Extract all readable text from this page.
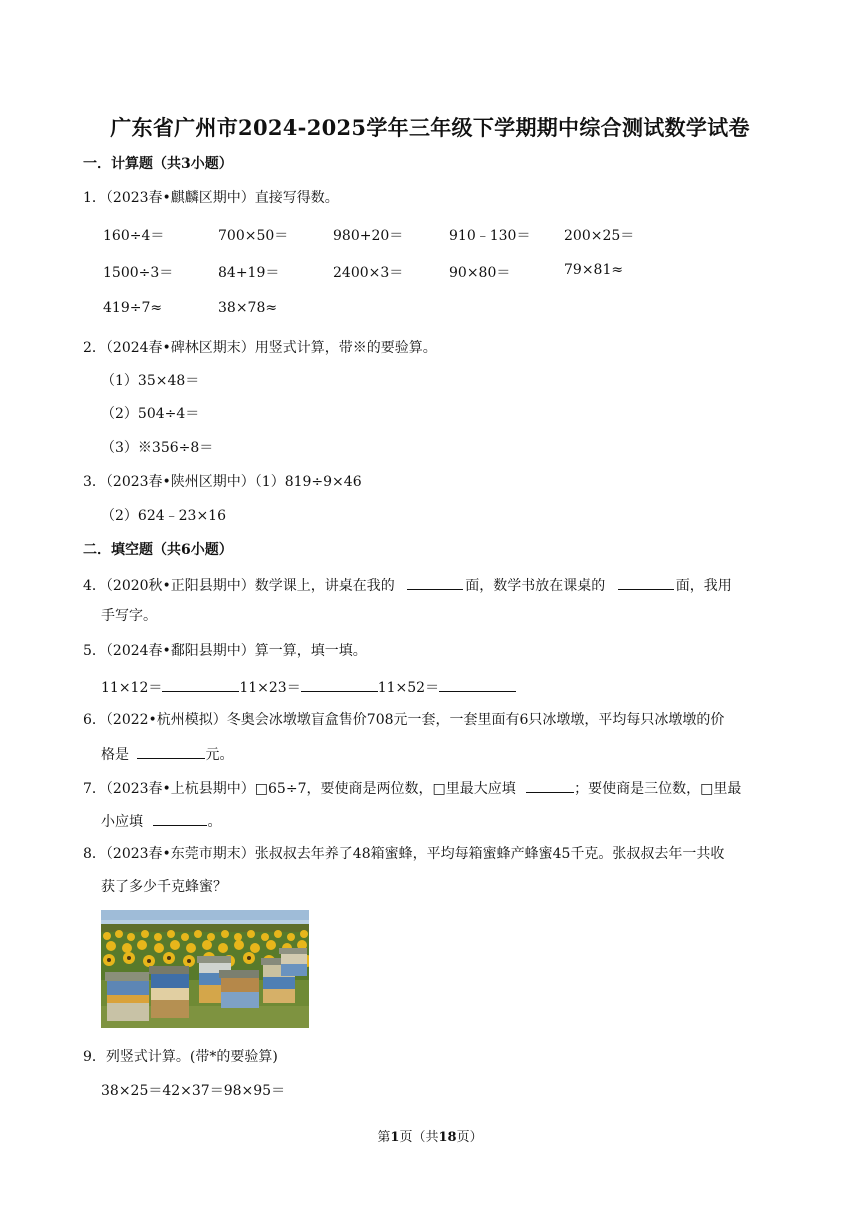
广东省广州市2024-2025学年三年级下学期期中综合测试数学试卷
一．计算题（共3小题）
1．（2023春•麒麟区期中）直接写得数。
160÷4＝	700×50＝	980+20＝	910﹣130＝ 200×25＝
1500÷3＝	84+19＝	2400×3＝	90×80＝	79×81≈
419÷7≈	38×78≈
2．（2024春•碑林区期末）用竖式计算，带※的要验算。
（1）35×48＝
（2）504÷4＝
（3）※356÷8＝
3．（2023春•陕州区期中）（1）819÷9×46
（2）624﹣23×16
二．填空题（共6小题）
4．（2020秋•正阳县期中）数学课上，讲桌在我的	面，数学书放在课桌的	面，我用
手写字。
5．（2024春•鄱阳县期中）算一算，填一填。
11×12＝	11×23＝	11×52＝
6．（2022•杭州模拟）冬奥会冰墩墩盲盒售价708元一套，一套里面有6只冰墩墩，平均每只冰墩墩的价
格是	元。
7．（2023春•上杭县期中）□65÷7，要使商是两位数，□里最大应填	；要使商是三位数，□里最
小应填	。
8．（2023春•东莞市期末）张叔叔去年养了48箱蜜蜂，平均每箱蜜蜂产蜂蜜45千克。张叔叔去年一共收
获了多少千克蜂蜜？
9．列竖式计算。(带*的要验算)
38×25＝42×37＝98×95＝
第1页（共18页）
